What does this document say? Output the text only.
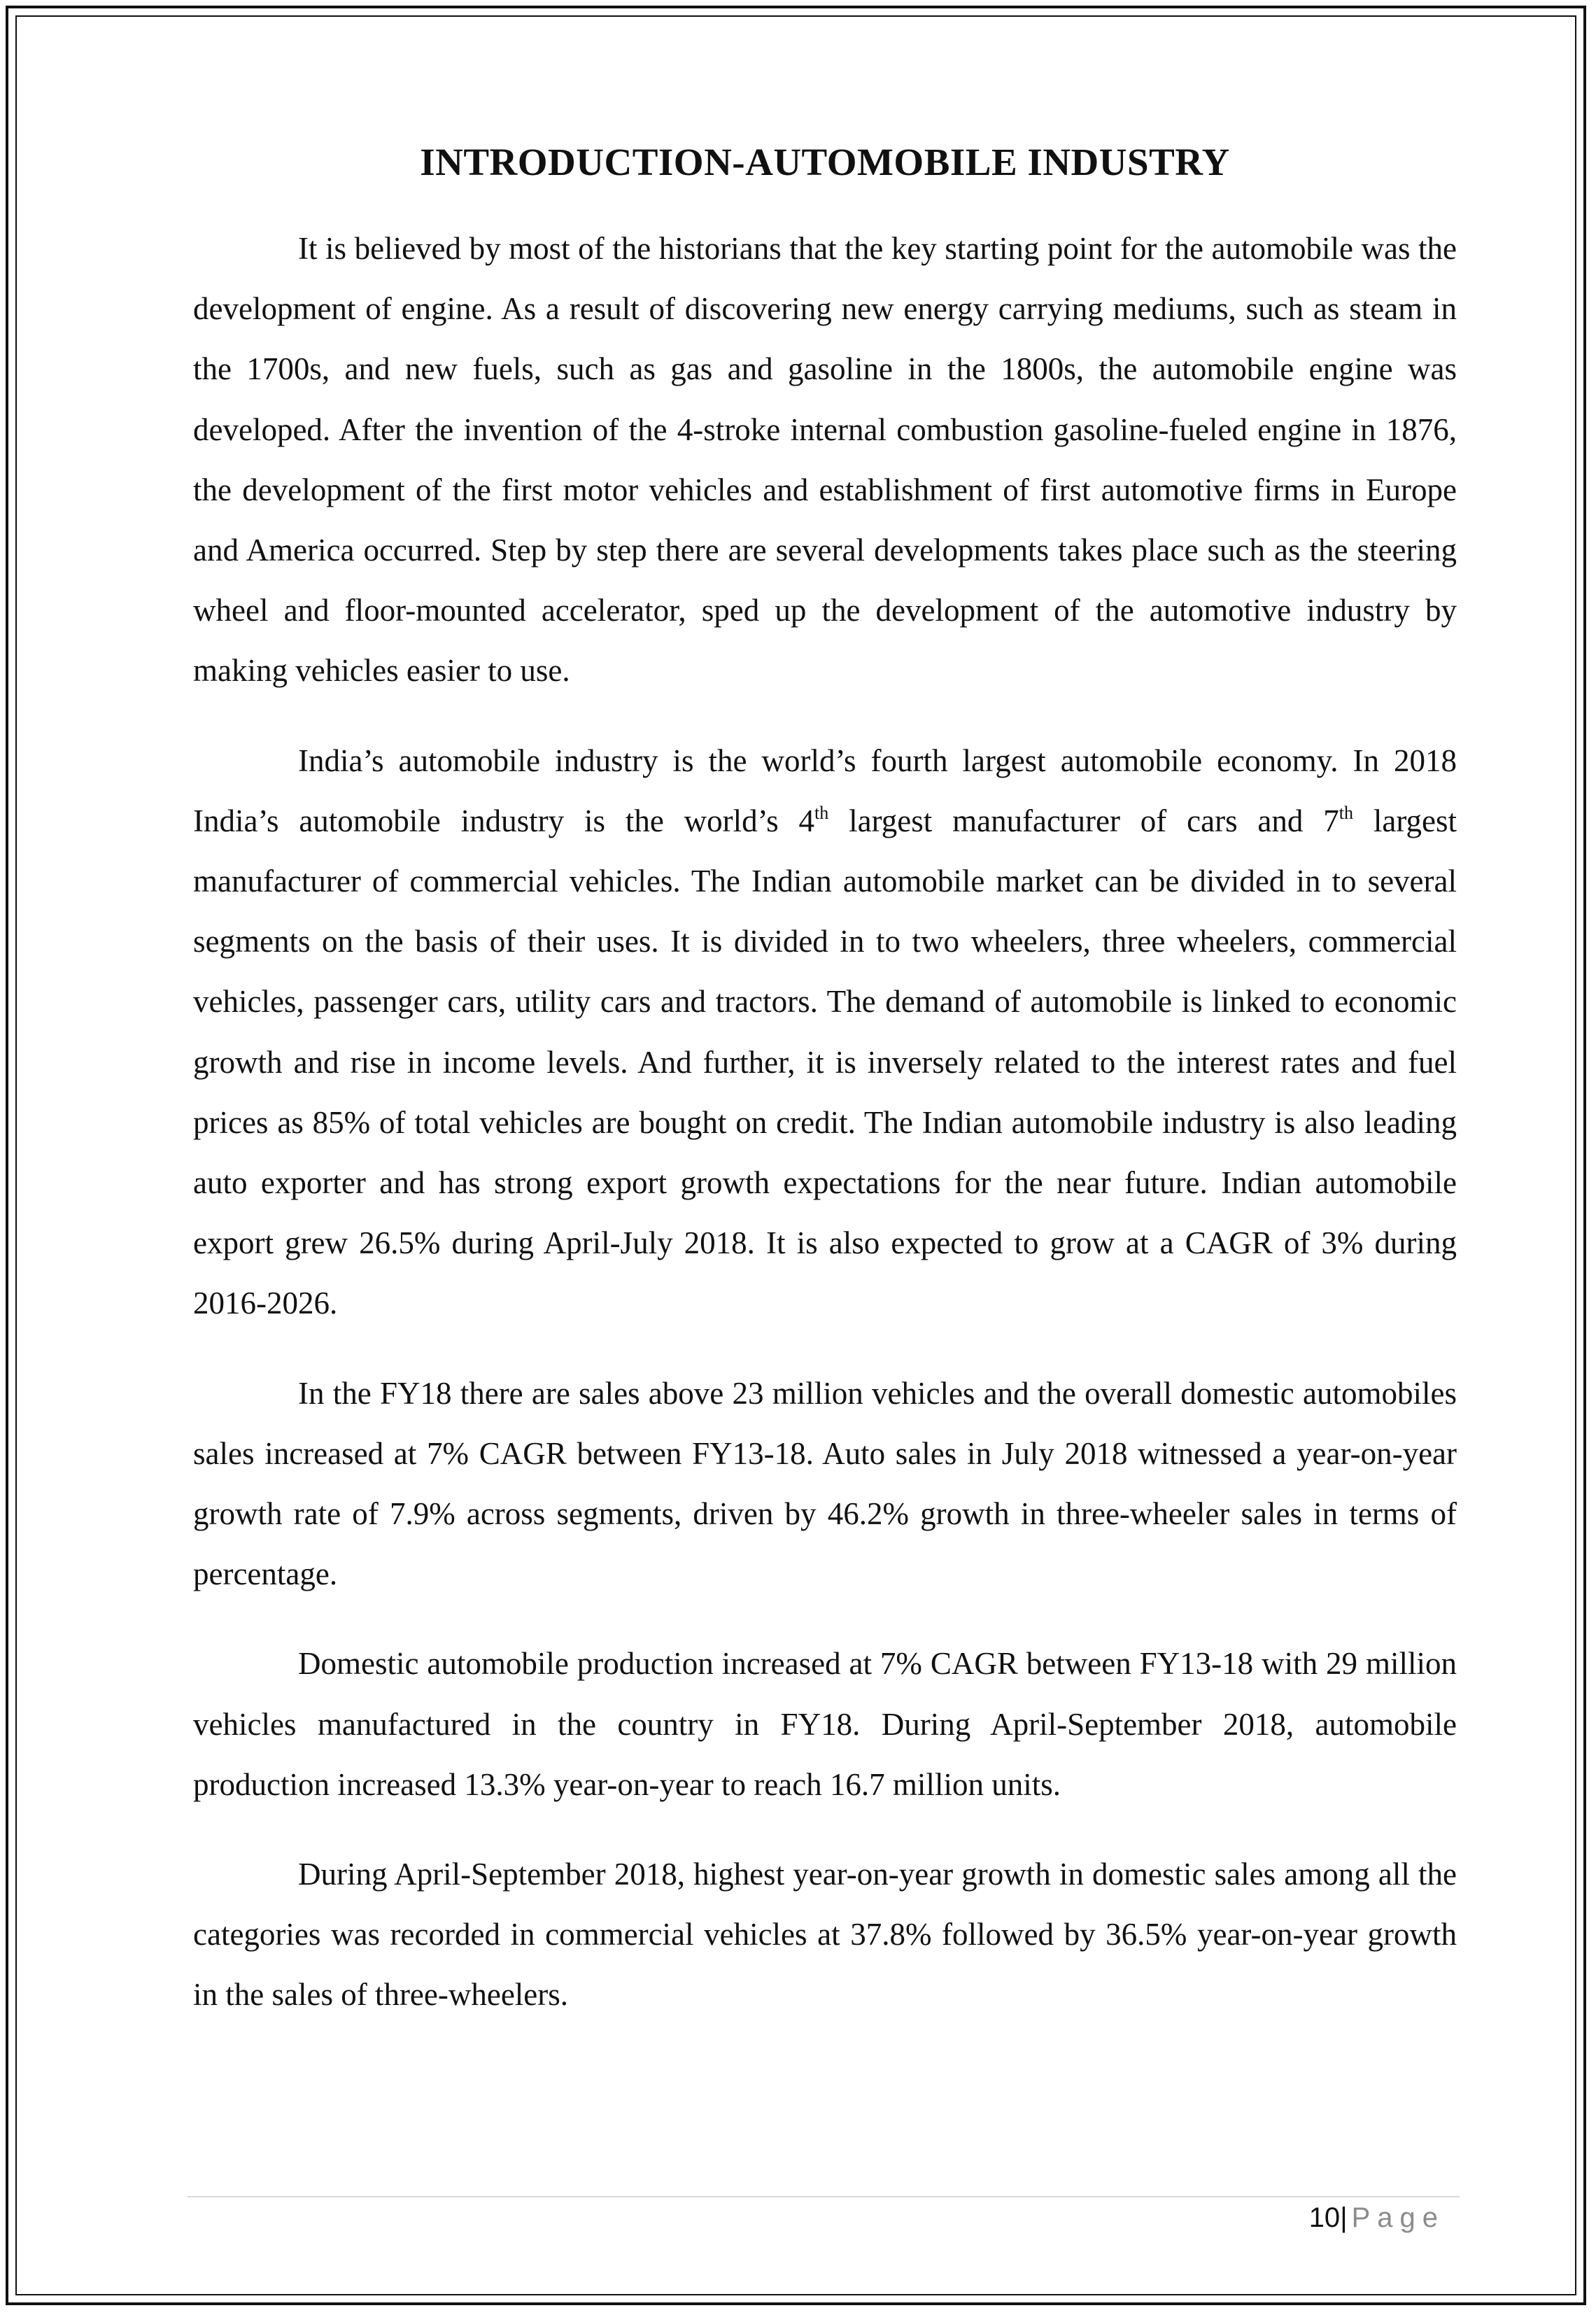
INTRODUCTION-AUTOMOBILE INDUSTRY

It is believed by most of the historians that the key starting point for the automobile was the development of engine. As a result of discovering new energy carrying mediums, such as steam in the 1700s, and new fuels, such as gas and gasoline in the 1800s, the automobile engine was developed. After the invention of the 4-stroke internal combustion gasoline-fueled engine in 1876, the development of the first motor vehicles and establishment of first automotive firms in Europe and America occurred. Step by step there are several developments takes place such as the steering wheel and floor-mounted accelerator, sped up the development of the automotive industry by making vehicles easier to use.

India’s automobile industry is the world’s fourth largest automobile economy. In 2018 India’s automobile industry is the world’s 4th largest manufacturer of cars and 7th largest manufacturer of commercial vehicles. The Indian automobile market can be divided in to several segments on the basis of their uses. It is divided in to two wheelers, three wheelers, commercial vehicles, passenger cars, utility cars and tractors. The demand of automobile is linked to economic growth and rise in income levels. And further, it is inversely related to the interest rates and fuel prices as 85% of total vehicles are bought on credit. The Indian automobile industry is also leading auto exporter and has strong export growth expectations for the near future. Indian automobile export grew 26.5% during April-July 2018. It is also expected to grow at a CAGR of 3% during 2016-2026.

In the FY18 there are sales above 23 million vehicles and the overall domestic automobiles sales increased at 7% CAGR between FY13-18. Auto sales in July 2018 witnessed a year-on-year growth rate of 7.9% across segments, driven by 46.2% growth in three-wheeler sales in terms of percentage.

Domestic automobile production increased at 7% CAGR between FY13-18 with 29 million vehicles manufactured in the country in FY18. During April-September 2018, automobile production increased 13.3% year-on-year to reach 16.7 million units.

During April-September 2018, highest year-on-year growth in domestic sales among all the categories was recorded in commercial vehicles at 37.8% followed by 36.5% year-on-year growth in the sales of three-wheelers.

10| Page
